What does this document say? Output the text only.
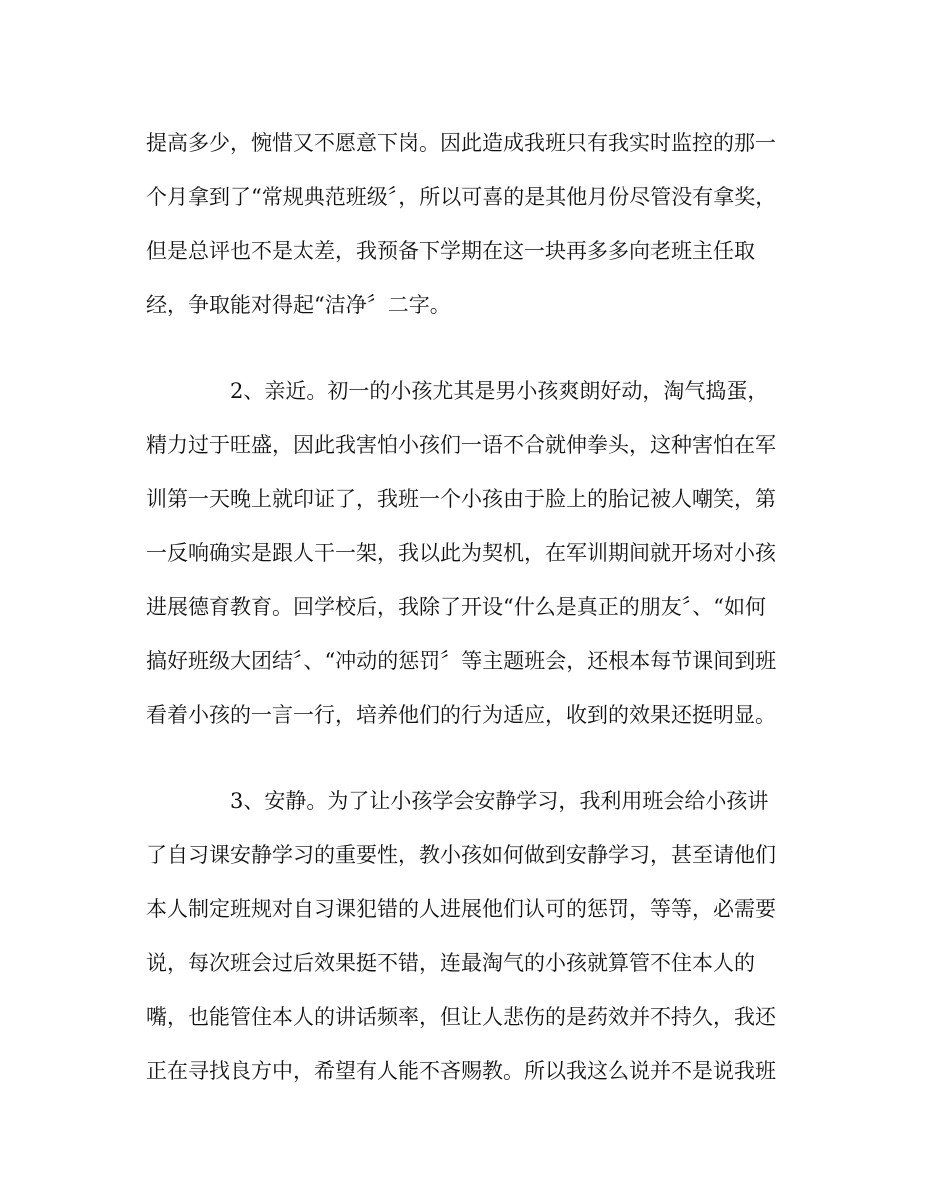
提高多少，惋惜又不愿意下岗。因此造成我班只有我实时监控的那一
个月拿到了“常规典范班级〞，所以可喜的是其他月份尽管没有拿奖，
但是总评也不是太差，我预备下学期在这一块再多多向老班主任取
经，争取能对得起“洁净〞二字。
2、亲近。初一的小孩尤其是男小孩爽朗好动，淘气捣蛋，
精力过于旺盛，因此我害怕小孩们一语不合就伸拳头，这种害怕在军
训第一天晚上就印证了，我班一个小孩由于脸上的胎记被人嘲笑，第
一反响确实是跟人干一架，我以此为契机，在军训期间就开场对小孩
进展德育教育。回学校后，我除了开设“什么是真正的朋友〞、“如何
搞好班级大团结〞、“冲动的惩罚〞等主题班会，还根本每节课间到班
看着小孩的一言一行，培养他们的行为适应，收到的效果还挺明显。
3、安静。为了让小孩学会安静学习，我利用班会给小孩讲
了自习课安静学习的重要性，教小孩如何做到安静学习，甚至请他们
本人制定班规对自习课犯错的人进展他们认可的惩罚，等等，必需要
说，每次班会过后效果挺不错，连最淘气的小孩就算管不住本人的
嘴，也能管住本人的讲话频率，但让人悲伤的是药效并不持久，我还
正在寻找良方中，希望有人能不吝赐教。所以我这么说并不是说我班
